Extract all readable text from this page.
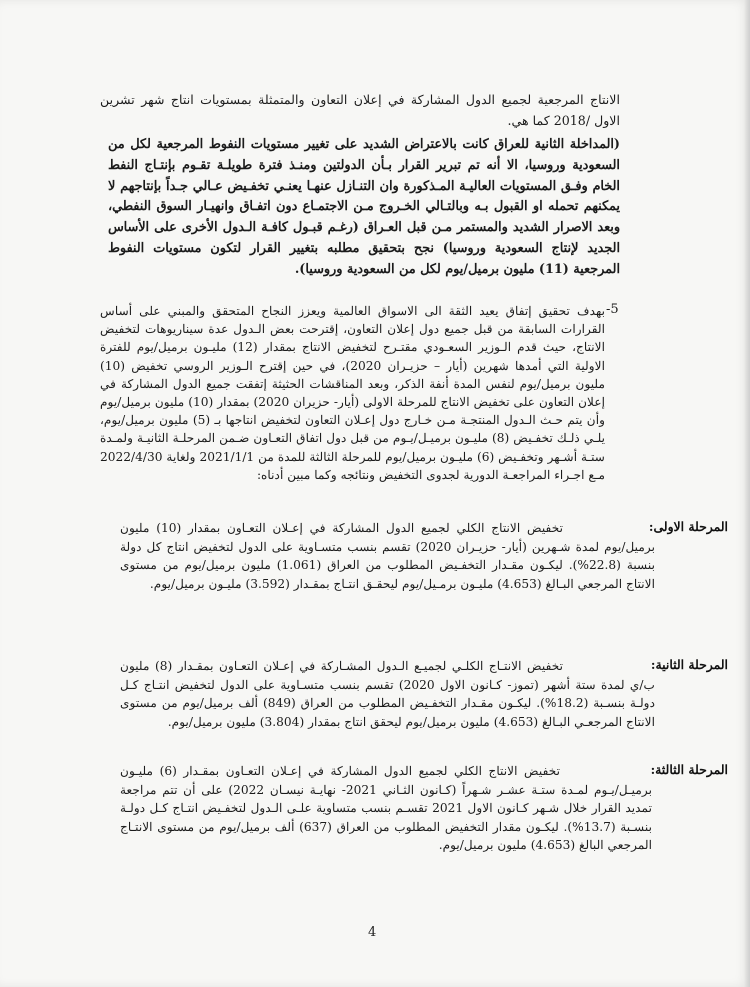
الانتاج المرجعية لجميع الدول المشاركة في إعلان التعاون والمتمثلة بمستويات انتاج شهر تشرين الاول /2018 كما هي.
(المداخلة الثانية للعراق كانت بالاعتراض الشديد على تغيير مستويات النفوط المرجعية لكل من السعودية وروسيا، الا أنه تم تبرير القرار بـأن الدولتين ومنـذ فترة طويلـة تقـوم بإنتـاج النفط الخام وفـق المستويات العاليـة المـذكورة وان التنـازل عنهـا يعنـي تخفـيض عـالي جـداً بإنتاجهم لا يمكنهم تحمله او القبول بـه وبالتـالي الخـروج مـن الاجتمـاع دون اتفـاق وانهيـار السوق النفطي، وبعد الاصرار الشديد والمستمر مـن قبل العـراق (رغـم قبـول كافـة الـدول الأخرى على الأساس الجديد لإنتاج السعودية وروسيا) نجح بتحقيق مطلبه بتغيير القرار لتكون مستويات النفوط المرجعية (11) مليون برميل/يوم لكل من السعودية وروسيا).
-5
بهدف تحقيق إتفاق يعيد الثقة الى الاسواق العالمية ويعزز النجاح المتحقق والمبني على أساس القرارات السابقة من قبل جميع دول إعلان التعاون، إقترحت بعض الـدول عدة سيناريوهات لتخفيض الانتاج، حيث قدم الـوزير السعـودي مقتـرح لتخفيض الانتاج بمقدار (12) مليـون برميل/يوم للفترة الاولية التي أمدها شهرين (أيار – حزيـران 2020)، في حين إقترح الـوزير الروسي تخفيض (10) مليون برميل/يوم لنفس المدة أنفة الذكر، وبعد المناقشات الحثيثة إتفقت جميع الدول المشاركة في إعلان التعاون على تخفيض الانتاج للمرحلة الاولى (أيار- حزيران 2020) بمقدار (10) مليون برميل/يوم وأن يتم حـث الـدول المنتجـة مـن خـارج دول إعـلان التعاون لتخفيض انتاجها بـ (5) مليون برميل/يوم، يلـي ذلـك تخفـيض (8) مليـون برميـل/يـوم من قبل دول اتفاق التعـاون ضـمن المرحلـة الثانيـة ولمـدة ستـة أشـهر وتخفـيض (6) مليـون برميل/يوم للمرحلة الثالثة للمدة من 2021/1/1 ولغاية 2022/4/30 مـع اجـراء المراجعـة الدورية لجدوى التخفيض ونتائجه وكما مبين أدناه:
المرحلة الاولى:
تخفيض الانتاج الكلي لجميع الدول المشاركة في إعـلان التعـاون بمقدار (10) مليون برميل/يوم لمدة شـهرين (أيار- حزيـران 2020) تقسم بنسب متسـاوية على الدول لتخفيض انتاج كل دولة بنسبة (22.8%). ليكـون مقـدار التخفـيض المطلوب من العراق (1.061) مليون برميل/يوم من مستوى الانتاج المرجعي البـالغ (4.653) مليـون برمـيل/يوم ليحقـق انتـاج بمقـدار (3.592) مليـون برميل/يوم.
المرحلة الثانية:
تخفيض الانتـاج الكلـي لجميـع الـدول المشـاركة في إعـلان التعـاون بمقـدار (8) مليون ب/ي لمدة ستة أشهر (تموز- كـانون الاول 2020) تقسم بنسب متسـاوية على الدول لتخفيض انتـاج كـل دولـة بنسـبة (18.2%). ليكـون مقـدار التخفـيض المطلوب من العراق (849) ألف برميل/يوم من مستوى الانتاج المرجعـي البـالغ (4.653) مليون برميل/يوم ليحقق انتاج بمقدار (3.804) مليون برميل/يوم.
المرحلة الثالثة:
تخفيض الانتاج الكلي لجميع الدول المشاركة في إعـلان التعـاون بمقـدار (6) مليـون برميـل/يـوم لمـدة ستـة عشـر شـهراً (كـانون الثـاني 2021- نهايـة نيسـان 2022) على أن تتم مراجعة تمديد القرار خلال شـهر كـانون الاول 2021 تقسـم بنسب متساوية علـى الـدول لتخفـيض انتـاج كـل دولـة بنسـبة (13.7%). ليكـون مقدار التخفيض المطلوب من العراق (637) ألف برميل/يوم من مستوى الانتـاج المرجعي البالغ (4.653) مليون برميل/يوم.
4
